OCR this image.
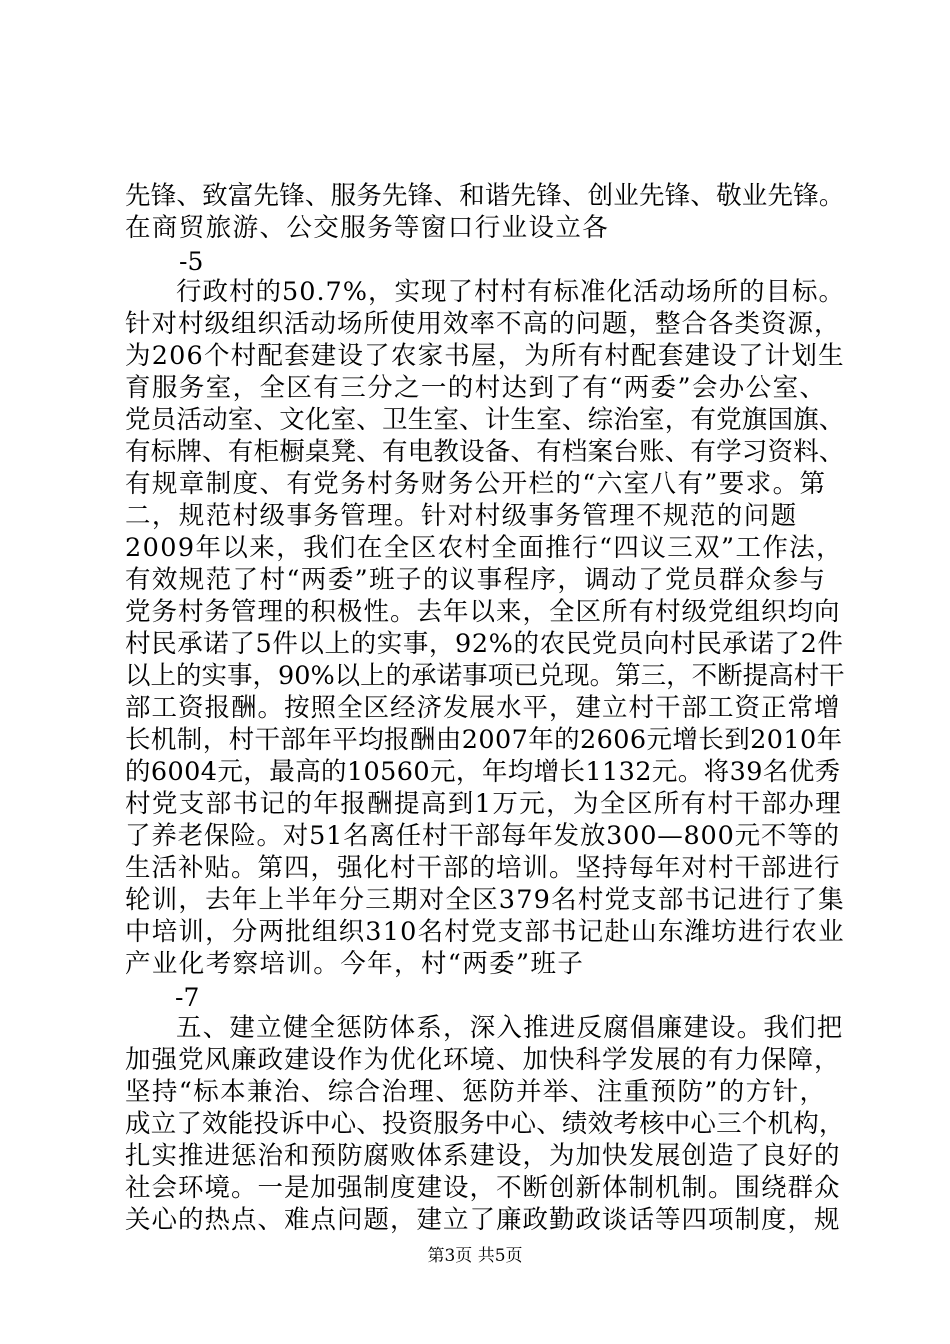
先锋、致富先锋、服务先锋、和谐先锋、创业先锋、敬业先锋。
在商贸旅游、公交服务等窗口行业设立各
-5
行政村的50.7%，实现了村村有标准化活动场所的目标。
针对村级组织活动场所使用效率不高的问题，整合各类资源，
为206个村配套建设了农家书屋，为所有村配套建设了计划生
育服务室，全区有三分之一的村达到了有“两委”会办公室、
党员活动室、文化室、卫生室、计生室、综治室，有党旗国旗、
有标牌、有柜橱桌凳、有电教设备、有档案台账、有学习资料、
有规章制度、有党务村务财务公开栏的“六室八有”要求。第
二，规范村级事务管理。针对村级事务管理不规范的问题
2009年以来，我们在全区农村全面推行“四议三双”工作法，
有效规范了村“两委”班子的议事程序，调动了党员群众参与
党务村务管理的积极性。去年以来，全区所有村级党组织均向
村民承诺了5件以上的实事，92%的农民党员向村民承诺了2件
以上的实事，90%以上的承诺事项已兑现。第三，不断提高村干
部工资报酬。按照全区经济发展水平，建立村干部工资正常增
长机制，村干部年平均报酬由2007年的2606元增长到2010年
的6004元，最高的10560元，年均增长1132元。将39名优秀
村党支部书记的年报酬提高到1万元，为全区所有村干部办理
了养老保险。对51名离任村干部每年发放300—800元不等的
生活补贴。第四，强化村干部的培训。坚持每年对村干部进行
轮训，去年上半年分三期对全区379名村党支部书记进行了集
中培训，分两批组织310名村党支部书记赴山东潍坊进行农业
产业化考察培训。今年，村“两委”班子
-7
五、建立健全惩防体系，深入推进反腐倡廉建设。我们把
加强党风廉政建设作为优化环境、加快科学发展的有力保障，
坚持“标本兼治、综合治理、惩防并举、注重预防”的方针，
成立了效能投诉中心、投资服务中心、绩效考核中心三个机构，
扎实推进惩治和预防腐败体系建设，为加快发展创造了良好的
社会环境。一是加强制度建设，不断创新体制机制。围绕群众
关心的热点、难点问题，建立了廉政勤政谈话等四项制度，规
第3页 共5页
